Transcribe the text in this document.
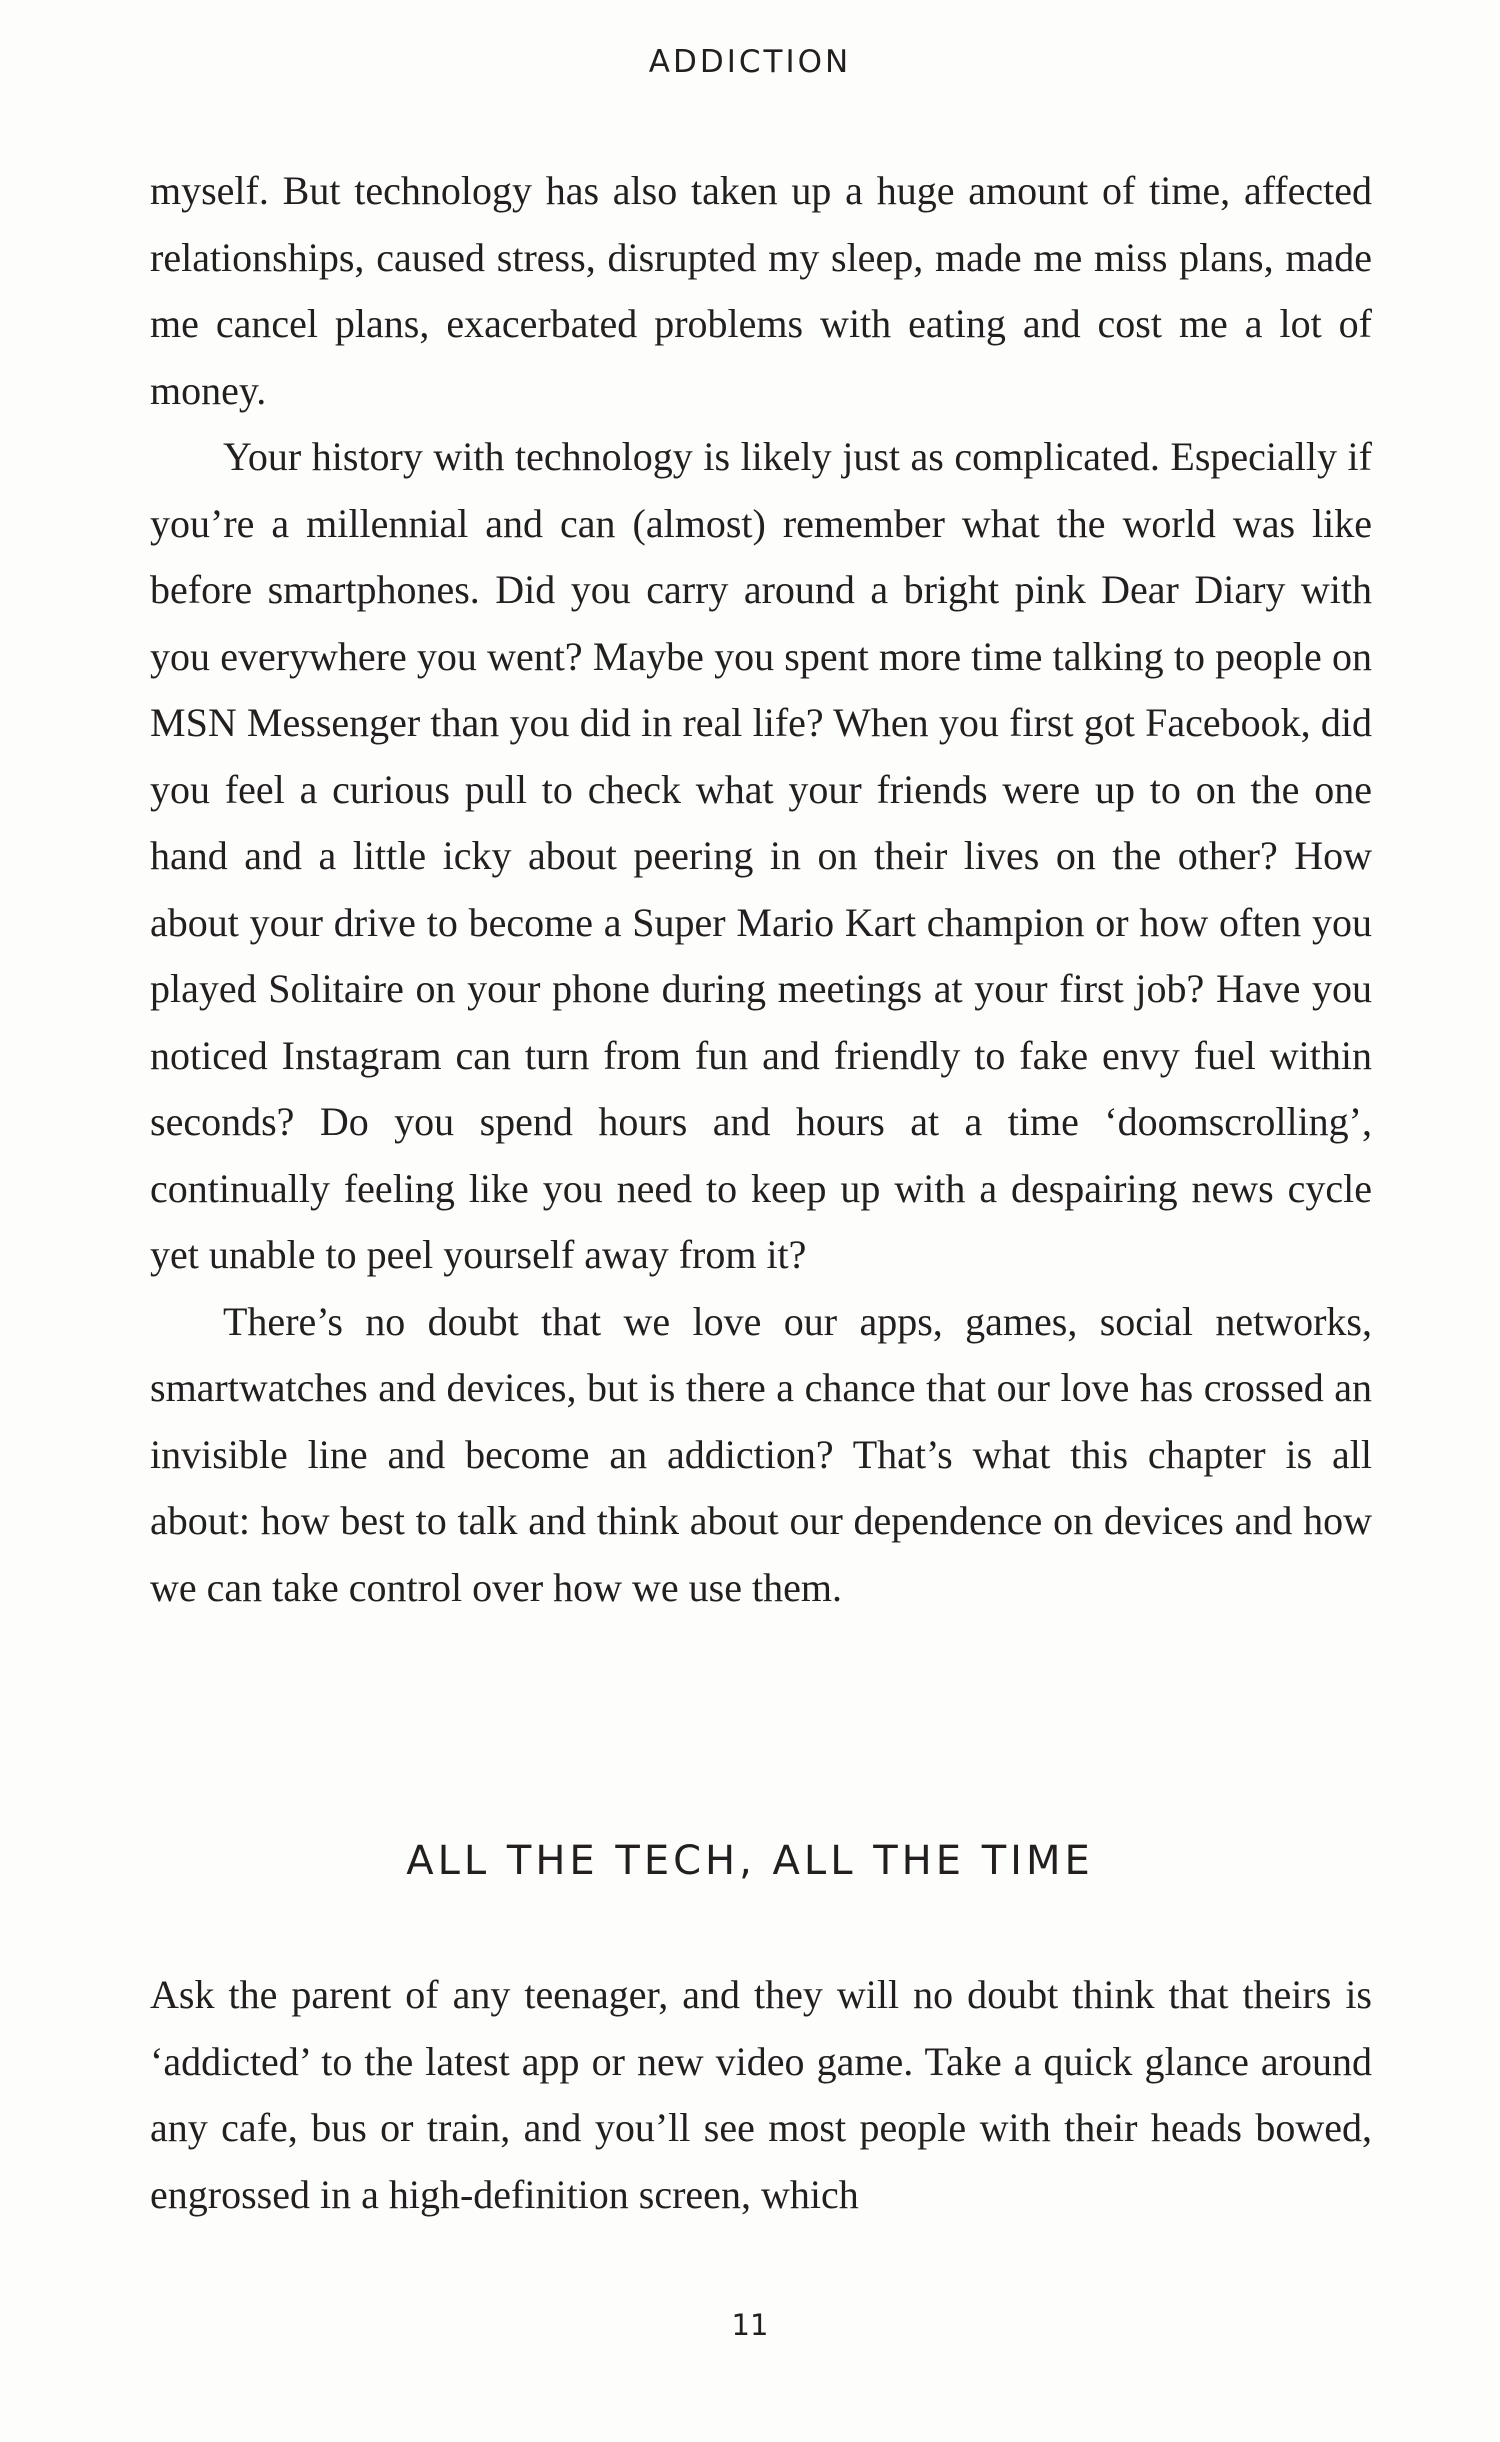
ADDICTION

myself. But technology has also taken up a huge amount of time, affected relationships, caused stress, disrupted my sleep, made me miss plans, made me cancel plans, exacerbated problems with eating and cost me a lot of money.

Your history with technology is likely just as complicated. Especially if you’re a millennial and can (almost) remember what the world was like before smartphones. Did you carry around a bright pink Dear Diary with you everywhere you went? Maybe you spent more time talking to people on MSN Messenger than you did in real life? When you first got Facebook, did you feel a curious pull to check what your friends were up to on the one hand and a little icky about peering in on their lives on the other? How about your drive to become a Super Mario Kart champion or how often you played Solitaire on your phone during meetings at your first job? Have you noticed Instagram can turn from fun and friendly to fake envy fuel within seconds? Do you spend hours and hours at a time ‘doomscrolling’, continually feeling like you need to keep up with a despairing news cycle yet unable to peel yourself away from it?

There’s no doubt that we love our apps, games, social networks, smartwatches and devices, but is there a chance that our love has crossed an invisible line and become an addiction? That’s what this chapter is all about: how best to talk and think about our dependence on devices and how we can take control over how we use them.

ALL THE TECH, ALL THE TIME

Ask the parent of any teenager, and they will no doubt think that theirs is ‘addicted’ to the latest app or new video game. Take a quick glance around any cafe, bus or train, and you’ll see most people with their heads bowed, engrossed in a high-definition screen, which

11
